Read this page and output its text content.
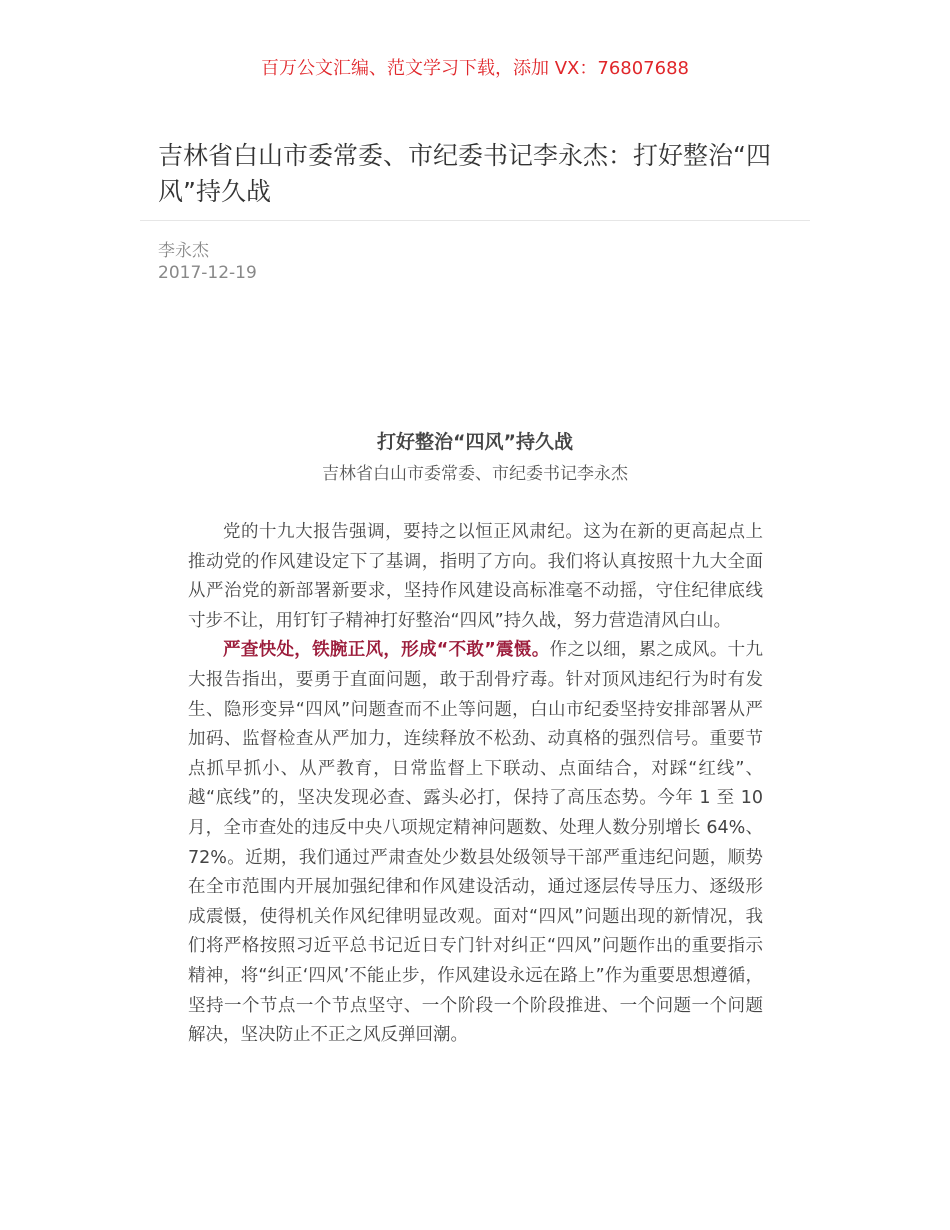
百万公文汇编、范文学习下载，添加 VX：76807688
吉林省白山市委常委、市纪委书记李永杰：打好整治“四风”持久战
李永杰
2017-12-19
打好整治“四风”持久战
吉林省白山市委常委、市纪委书记李永杰

党的十九大报告强调，要持之以恒正风肃纪。这为在新的更高起点上推动党的作风建设定下了基调，指明了方向。我们将认真按照十九大全面从严治党的新部署新要求，坚持作风建设高标准毫不动摇，守住纪律底线寸步不让，用钉钉子精神打好整治“四风”持久战，努力营造清风白山。

严查快处，铁腕正风，形成“不敢”震慑。作之以细，累之成风。十九大报告指出，要勇于直面问题，敢于刮骨疗毒。针对顶风违纪行为时有发生、隐形变异“四风”问题查而不止等问题，白山市纪委坚持安排部署从严加码、监督检查从严加力，连续释放不松劲、动真格的强烈信号。重要节点抓早抓小、从严教育，日常监督上下联动、点面结合，对踩“红线”、越“底线”的，坚决发现必查、露头必打，保持了高压态势。今年 1 至 10 月，全市查处的违反中央八项规定精神问题数、处理人数分别增长 64%、72%。近期，我们通过严肃查处少数县处级领导干部严重违纪问题，顺势在全市范围内开展加强纪律和作风建设活动，通过逐层传导压力、逐级形成震慑，使得机关作风纪律明显改观。面对“四风”问题出现的新情况，我们将严格按照习近平总书记近日专门针对纠正“四风”问题作出的重要指示精神，将“纠正‘四风’不能止步，作风建设永远在路上”作为重要思想遵循，坚持一个节点一个节点坚守、一个阶段一个阶段推进、一个问题一个问题解决，坚决防止不正之风反弹回潮。
